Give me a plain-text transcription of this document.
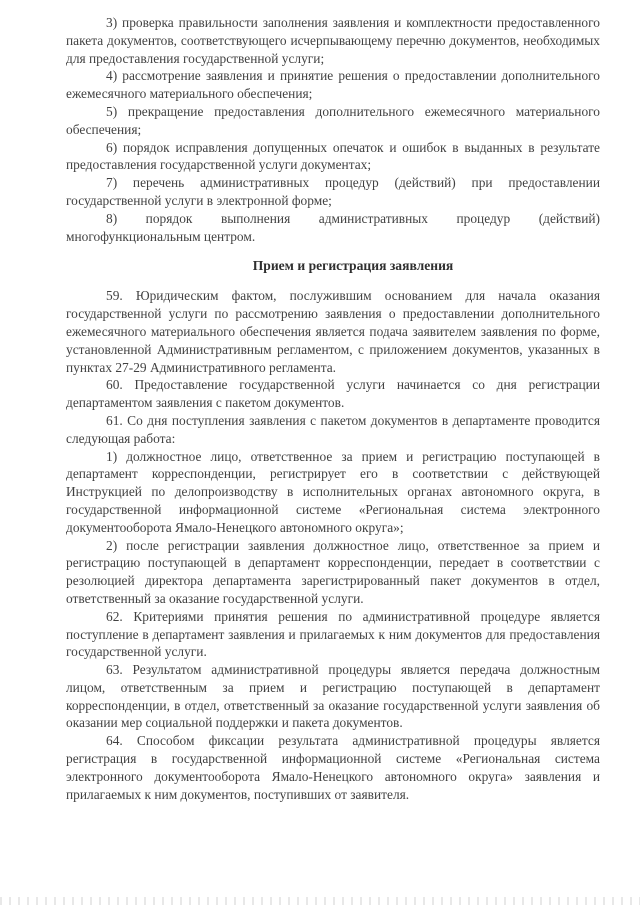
3) проверка правильности заполнения заявления и комплектности предоставленного пакета документов, соответствующего исчерпывающему перечню документов, необходимых для предоставления государственной услуги;

4) рассмотрение заявления и принятие решения о предоставлении дополнительного ежемесячного материального обеспечения;

5) прекращение предоставления дополнительного ежемесячного материального обеспечения;

6) порядок исправления допущенных опечаток и ошибок в выданных в результате предоставления государственной услуги документах;

7) перечень административных процедур (действий) при предоставлении государственной услуги в электронной форме;

8) порядок выполнения административных процедур (действий) многофункциональным центром.

Прием и регистрация заявления

59. Юридическим фактом, послужившим основанием для начала оказания государственной услуги по рассмотрению заявления о предоставлении дополнительного ежемесячного материального обеспечения является подача заявителем заявления по форме, установленной Административным регламентом, с приложением документов, указанных в пунктах 27-29 Административного регламента.

60. Предоставление государственной услуги начинается со дня регистрации департаментом заявления с пакетом документов.

61. Со дня поступления заявления с пакетом документов в департаменте проводится следующая работа:

1) должностное лицо, ответственное за прием и регистрацию поступающей в департамент корреспонденции, регистрирует его в соответствии с действующей Инструкцией по делопроизводству в исполнительных органах автономного округа, в государственной информационной системе «Региональная система электронного документооборота Ямало-Ненецкого автономного округа»;

2) после регистрации заявления должностное лицо, ответственное за прием и регистрацию поступающей в департамент корреспонденции, передает в соответствии с резолюцией директора департамента зарегистрированный пакет документов в отдел, ответственный за оказание государственной услуги.

62. Критериями принятия решения по административной процедуре является поступление в департамент заявления и прилагаемых к ним документов для предоставления государственной услуги.

63. Результатом административной процедуры является передача должностным лицом, ответственным за прием и регистрацию поступающей в департамент корреспонденции, в отдел, ответственный за оказание государственной услуги заявления об оказании мер социальной поддержки и пакета документов.

64. Способом фиксации результата административной процедуры является регистрация в государственной информационной системе «Региональная система электронного документооборота Ямало-Ненецкого автономного округа» заявления и прилагаемых к ним документов, поступивших от заявителя.
